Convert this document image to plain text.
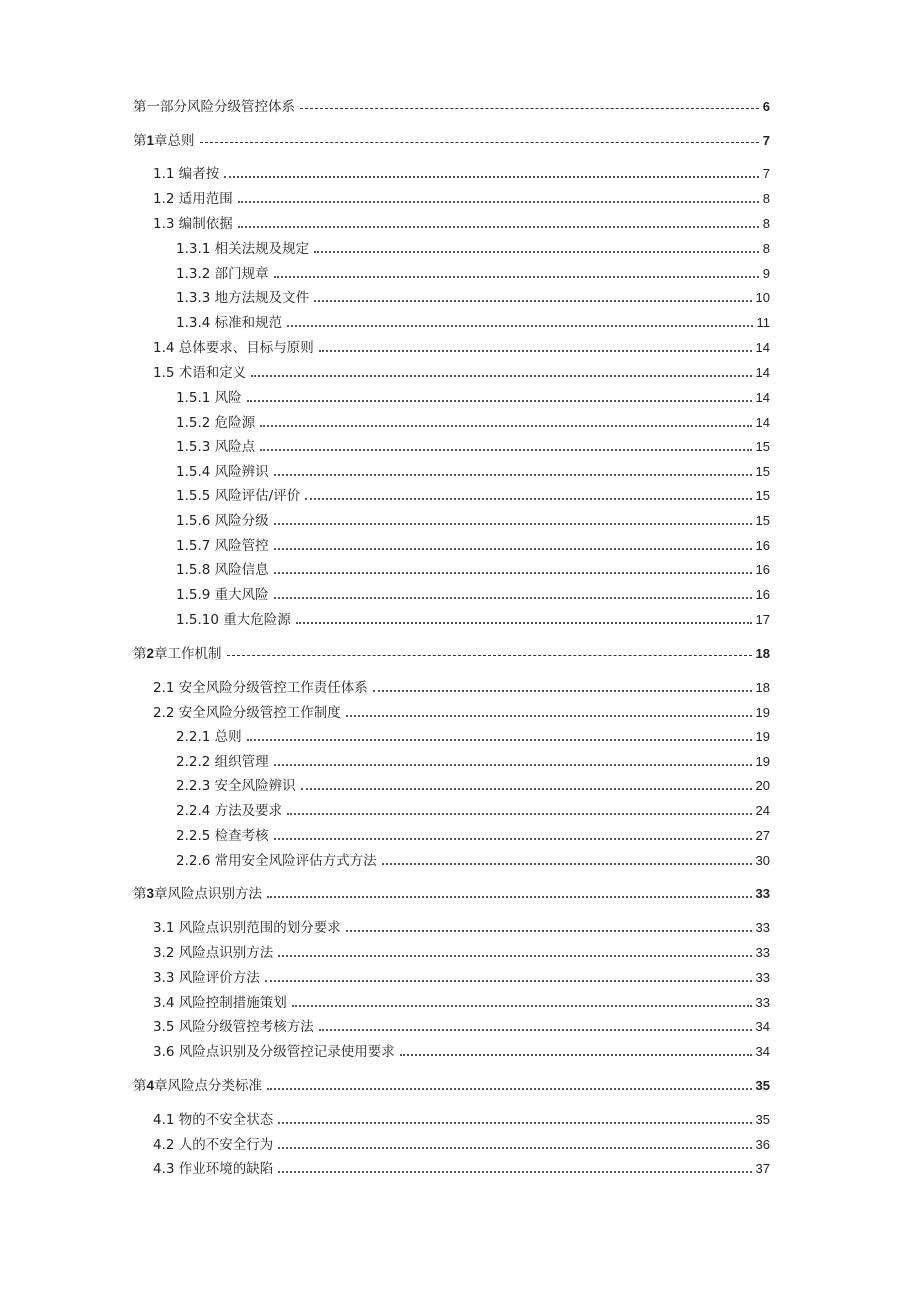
第一部分风险分级管控体系	6
第1章总则	7
1.1 编者按	7
1.2 适用范围	8
1.3 编制依据	8
1.3.1 相关法规及规定	8
1.3.2 部门规章	9
1.3.3 地方法规及文件	10
1.3.4 标准和规范	11
1.4 总体要求、目标与原则	14
1.5 术语和定义	14
1.5.1 风险	14
1.5.2 危险源	14
1.5.3 风险点	15
1.5.4 风险辨识	15
1.5.5 风险评估/评价	15
1.5.6 风险分级	15
1.5.7 风险管控	16
1.5.8 风险信息	16
1.5.9 重大风险	16
1.5.10 重大危险源	17
第2章工作机制	18
2.1 安全风险分级管控工作责任体系	18
2.2 安全风险分级管控工作制度	19
2.2.1 总则	19
2.2.2 组织管理	19
2.2.3 安全风险辨识	20
2.2.4 方法及要求	24
2.2.5 检查考核	27
2.2.6 常用安全风险评估方式方法	30
第3章风险点识别方法	33
3.1 风险点识别范围的划分要求	33
3.2 风险点识别方法	33
3.3 风险评价方法	33
3.4 风险控制措施策划	33
3.5 风险分级管控考核方法	34
3.6 风险点识别及分级管控记录使用要求	34
第4章风险点分类标准	35
4.1 物的不安全状态	35
4.2 人的不安全行为	36
4.3 作业环境的缺陷	37
